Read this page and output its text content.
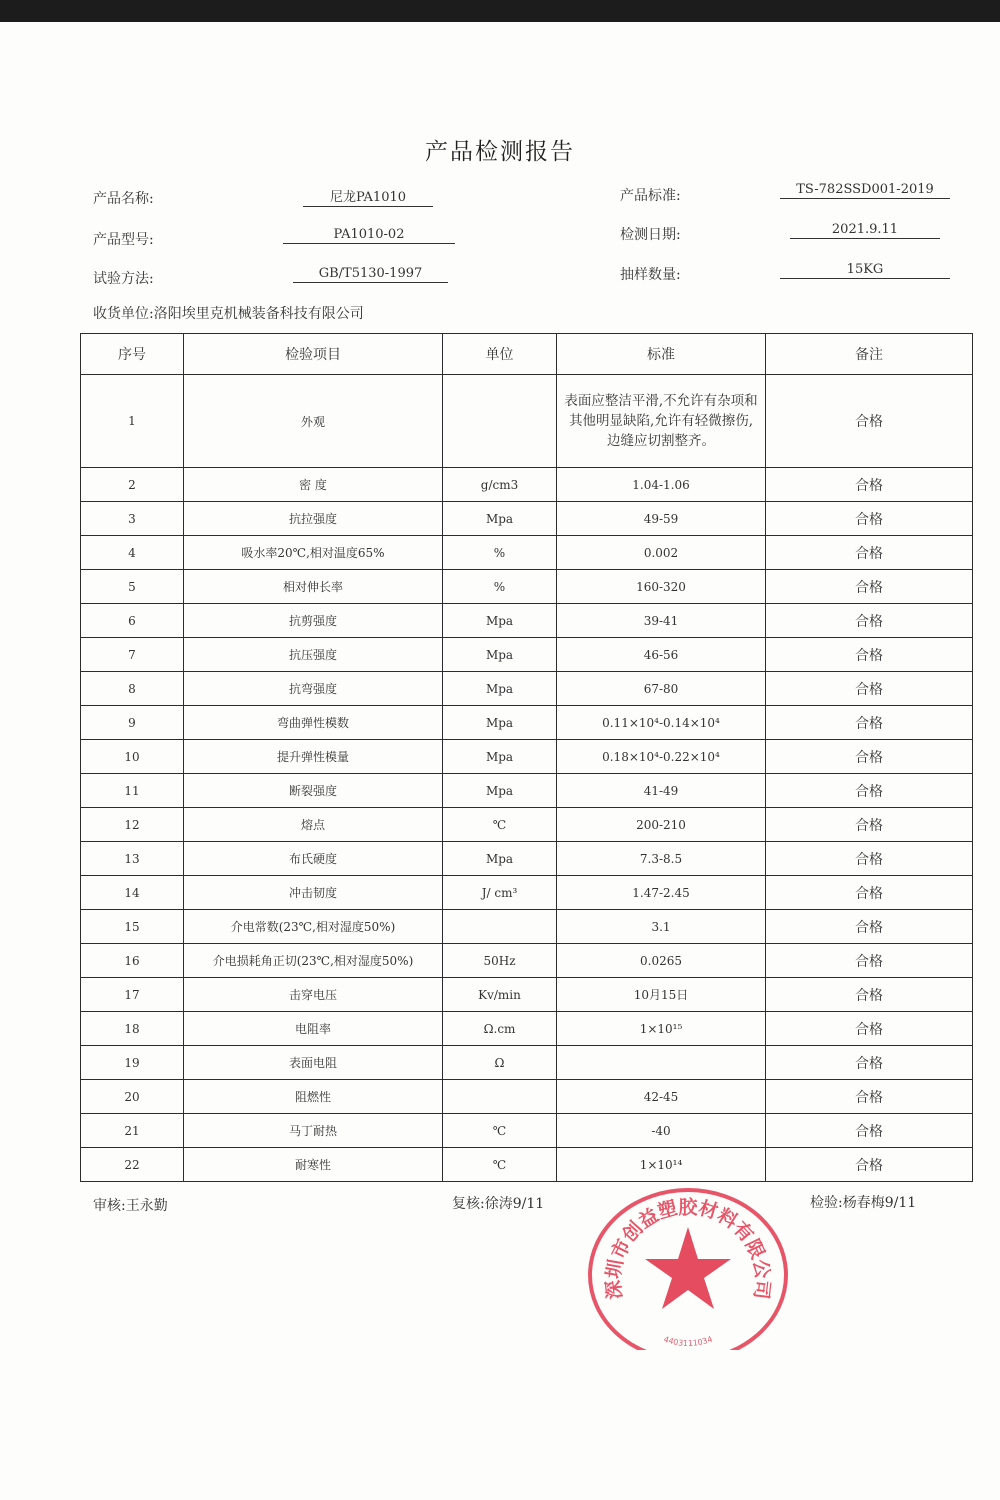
产品检测报告
产品名称:	尼龙PA1010	产品标准:	TS-782SSD001-2019
产品型号:	PA1010-02	检测日期:	2021.9.11
试验方法:	GB/T5130-1997	抽样数量:	15KG
收货单位:洛阳埃里克机械装备科技有限公司
序号	检验项目	单位	标准	备注
1	外观		表面应整洁平滑,不允许有杂项和其他明显缺陷,允许有轻微擦伤,边缝应切割整齐。	合格
2	密 度	g/cm3	1.04-1.06	合格
3	抗拉强度	Mpa	49-59	合格
4	吸水率20℃,相对温度65%	%	0.002	合格
5	相对伸长率	%	160-320	合格
6	抗剪强度	Mpa	39-41	合格
7	抗压强度	Mpa	46-56	合格
8	抗弯强度	Mpa	67-80	合格
9	弯曲弹性模数	Mpa	0.11×10⁴-0.14×10⁴	合格
10	提升弹性模量	Mpa	0.18×10⁴-0.22×10⁴	合格
11	断裂强度	Mpa	41-49	合格
12	熔点	℃	200-210	合格
13	布氏硬度	Mpa	7.3-8.5	合格
14	冲击韧度	J/ cm³	1.47-2.45	合格
15	介电常数(23℃,相对湿度50%)		3.1	合格
16	介电损耗角正切(23℃,相对湿度50%)	50Hz	0.0265	合格
17	击穿电压	Kv/min	10月15日	合格
18	电阻率	Ω.cm	1×10¹⁵	合格
19	表面电阻	Ω		合格
20	阻燃性		42-45	合格
21	马丁耐热	℃	-40	合格
22	耐寒性	℃	1×10¹⁴	合格
审核:王永勤	复核:徐涛9/11	检验:杨春梅9/11
深圳市创益塑胶材料有限公司
4403111034
